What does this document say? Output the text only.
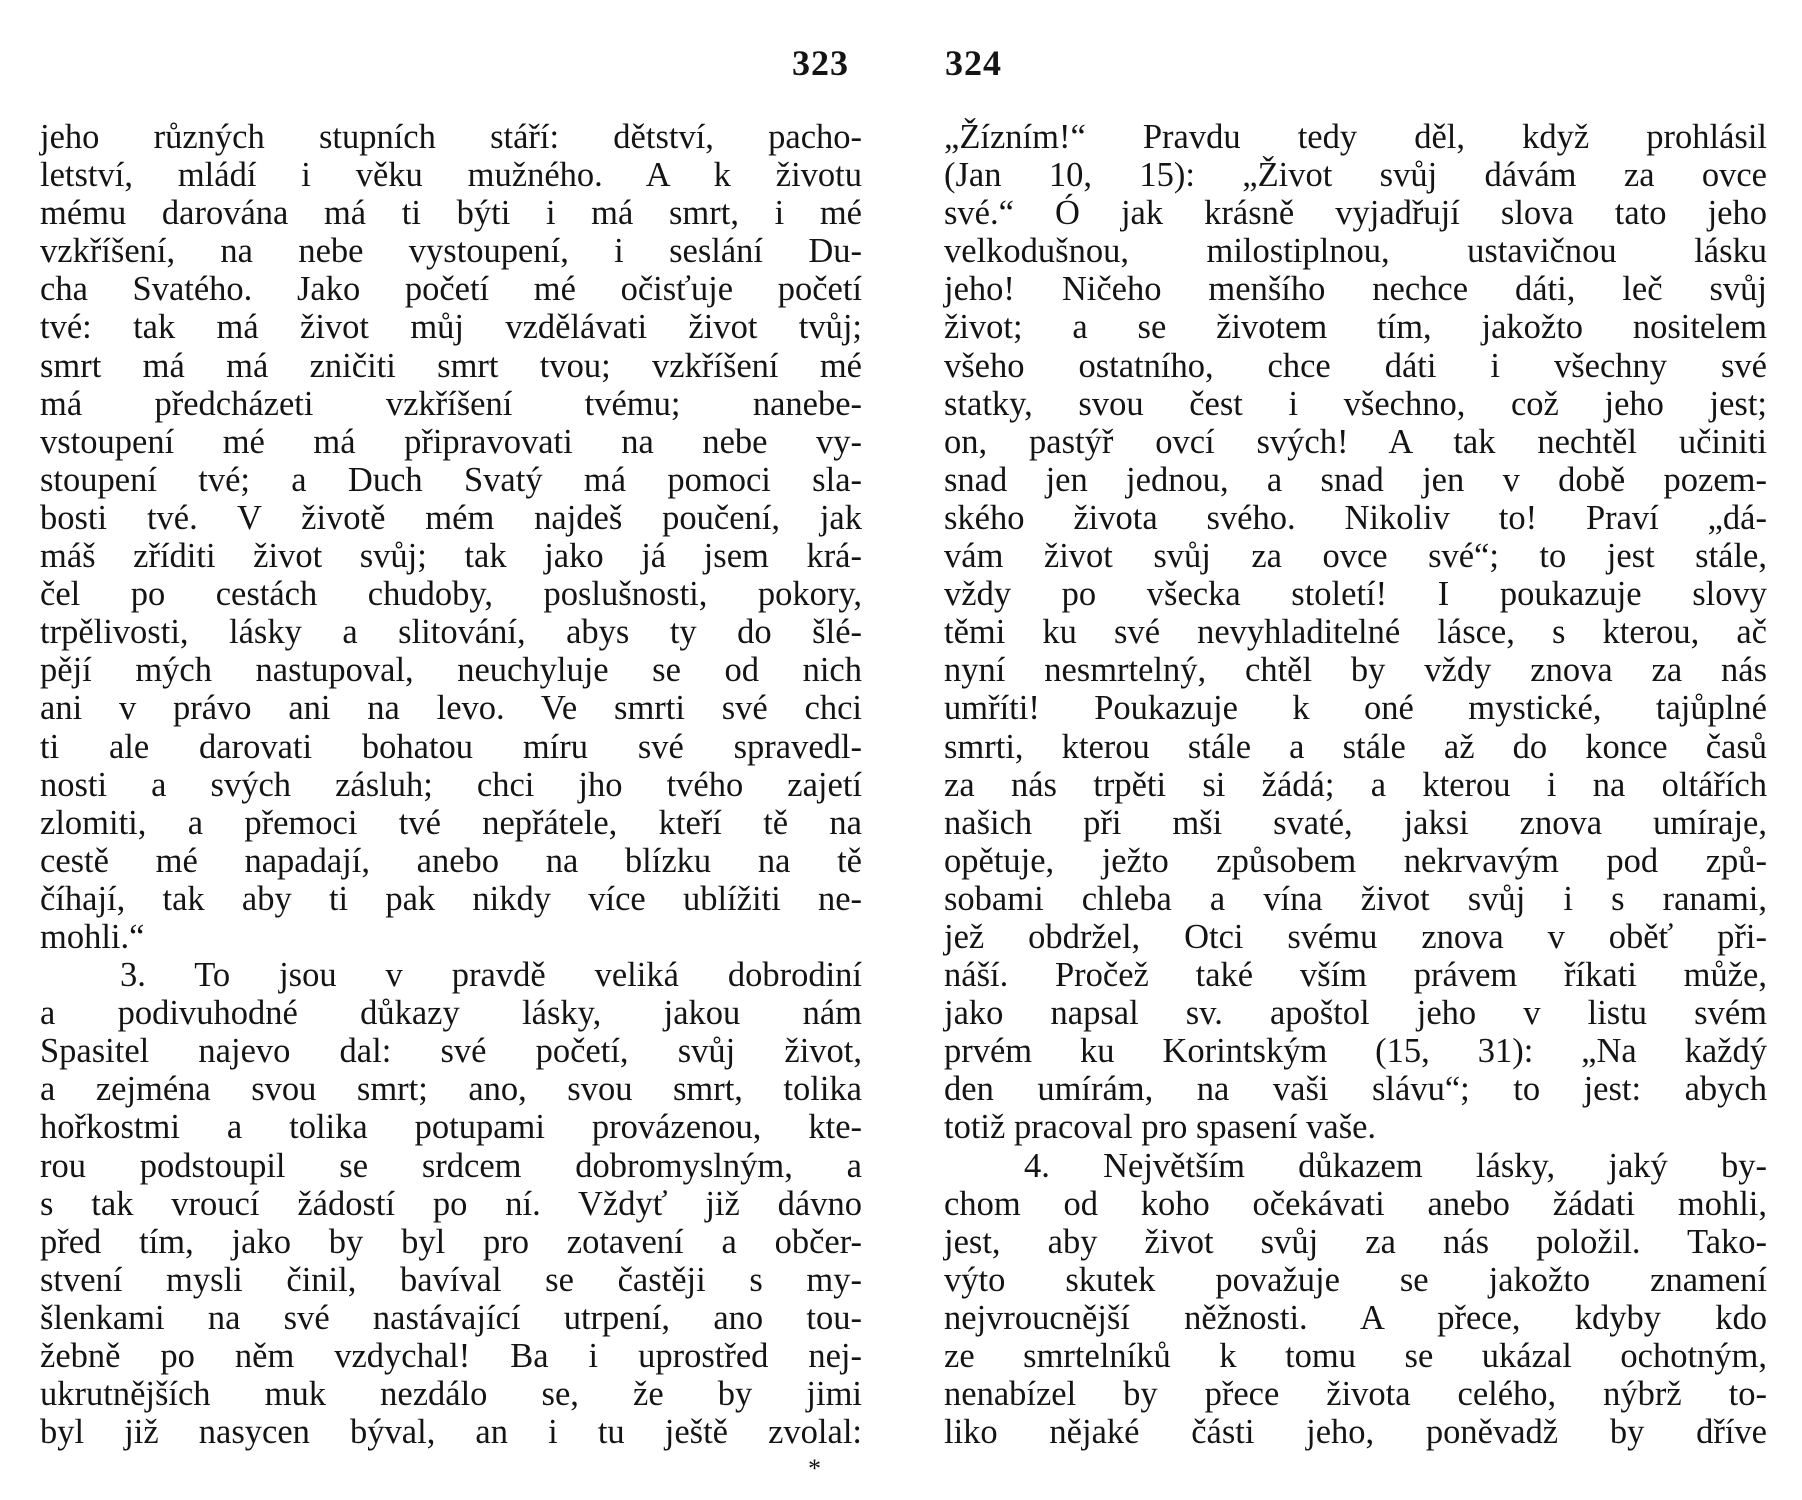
323	324
jeho různých stupních stáří: dětství, pacho-
letství, mládí i věku mužného. A k životu
mému darována má ti býti i má smrt, i mé
vzkříšení, na nebe vystoupení, i seslání Du-
cha Svatého. Jako početí mé očisťuje početí
tvé: tak má život můj vzdělávati život tvůj;
smrt má má zničiti smrt tvou; vzkříšení mé
má předcházeti vzkříšení tvému; nanebe-
vstoupení mé má připravovati na nebe vy-
stoupení tvé; a Duch Svatý má pomoci sla-
bosti tvé. V životě mém najdeš poučení, jak
máš zříditi život svůj; tak jako já jsem krá-
čel po cestách chudoby, poslušnosti, pokory,
trpělivosti, lásky a slitování, abys ty do šlé-
pějí mých nastupoval, neuchyluje se od nich
ani v právo ani na levo. Ve smrti své chci
ti ale darovati bohatou míru své spravedl-
nosti a svých zásluh; chci jho tvého zajetí
zlomiti, a přemoci tvé nepřátele, kteří tě na
cestě mé napadají, anebo na blízku na tě
číhají, tak aby ti pak nikdy více ublížiti ne-
mohli.“
3. To jsou v pravdě veliká dobrodiní
a podivuhodné důkazy lásky, jakou nám
Spasitel najevo dal: své početí, svůj život,
a zejména svou smrt; ano, svou smrt, tolika
hořkostmi a tolika potupami provázenou, kte-
rou podstoupil se srdcem dobromyslným, a
s tak vroucí žádostí po ní. Vždyť již dávno
před tím, jako by byl pro zotavení a občer-
stvení mysli činil, bavíval se častěji s my-
šlenkami na své nastávající utrpení, ano tou-
žebně po něm vzdychal! Ba i uprostřed nej-
ukrutnějších muk nezdálo se, že by jimi
byl již nasycen býval, an i tu ještě zvolal:
„Žízním!“ Pravdu tedy děl, když prohlásil
(Jan 10, 15): „Život svůj dávám za ovce
své.“ Ó jak krásně vyjadřují slova tato jeho
velkodušnou, milostiplnou, ustavičnou lásku
jeho! Ničeho menšího nechce dáti, leč svůj
život; a se životem tím, jakožto nositelem
všeho ostatního, chce dáti i všechny své
statky, svou čest i všechno, což jeho jest;
on, pastýř ovcí svých! A tak nechtěl učiniti
snad jen jednou, a snad jen v době pozem-
ského života svého. Nikoliv to! Praví „dá-
vám život svůj za ovce své“; to jest stále,
vždy po všecka století! I poukazuje slovy
těmi ku své nevyhladitelné lásce, s kterou, ač
nyní nesmrtelný, chtěl by vždy znova za nás
umříti! Poukazuje k oné mystické, tajůplné
smrti, kterou stále a stále až do konce časů
za nás trpěti si žádá; a kterou i na oltářích
našich při mši svaté, jaksi znova umíraje,
opětuje, ježto způsobem nekrvavým pod způ-
sobami chleba a vína život svůj i s ranami,
jež obdržel, Otci svému znova v oběť při-
náší. Pročež také vším právem říkati může,
jako napsal sv. apoštol jeho v listu svém
prvém ku Korintským (15, 31): „Na každý
den umírám, na vaši slávu“; to jest: abych
totiž pracoval pro spasení vaše.
4. Největším důkazem lásky, jaký by-
chom od koho očekávati anebo žádati mohli,
jest, aby život svůj za nás položil. Tako-
výto skutek považuje se jakožto znamení
nejvroucnější něžnosti. A přece, kdyby kdo
ze smrtelníků k tomu se ukázal ochotným,
nenabízel by přece života celého, nýbrž to-
liko nějaké části jeho, poněvadž by dříve
*
